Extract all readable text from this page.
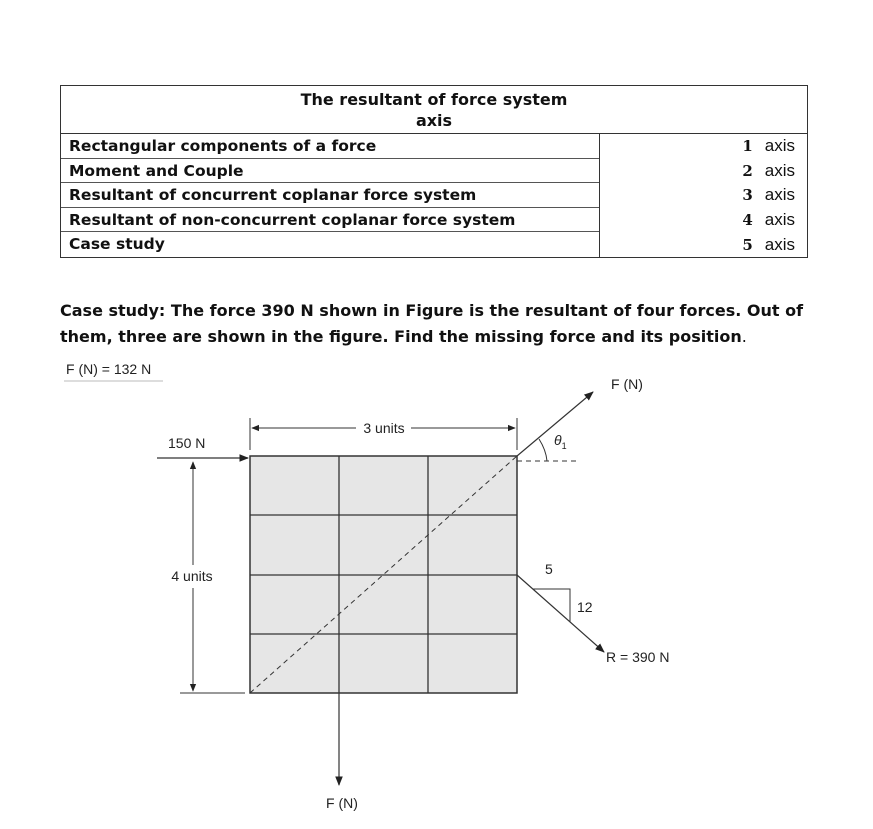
The resultant of force system
axis
Rectangular components of a force
Moment and Couple
Resultant of concurrent coplanar force system
Resultant of non-concurrent coplanar force system
Case study
1 axis
2 axis
3 axis
4 axis
5 axis
Case study: The force 390 N shown in Figure is the resultant of four forces. Out of them, three are shown in the figure. Find the missing force and its position.
F (N) = 132 N
3 units
4 units
150 N
F (N)
$\theta_1$
5
12
R = 390 N
F (N)
